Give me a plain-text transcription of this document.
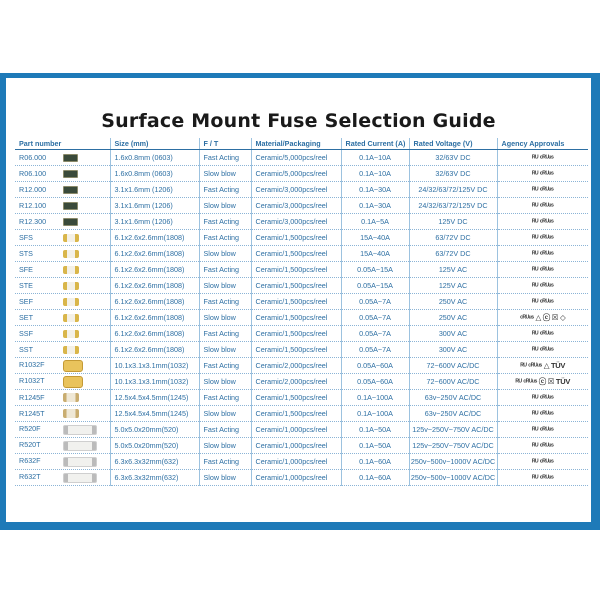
Surface Mount Fuse Selection Guide
Part number	Size (mm)	F / T	Material/Packaging	Rated Current (A)	Rated Voltage (V)	Agency Approvals
R06.000	1.6x0.8mm (0603)	Fast Acting	Ceramic/5,000pcs/reel	0.1A~10A	32/63V DC	ᴿᵁ ᶜᴿᵁᵘˢ
R06.100	1.6x0.8mm (0603)	Slow blow	Ceramic/5,000pcs/reel	0.1A~10A	32/63V DC	ᴿᵁ ᶜᴿᵁᵘˢ
R12.000	3.1x1.6mm (1206)	Fast Acting	Ceramic/3,000pcs/reel	0.1A~30A	24/32/63/72/125V DC	ᴿᵁ ᶜᴿᵁᵘˢ
R12.100	3.1x1.6mm (1206)	Slow blow	Ceramic/3,000pcs/reel	0.1A~30A	24/32/63/72/125V DC	ᴿᵁ ᶜᴿᵁᵘˢ
R12.300	3.1x1.6mm (1206)	Fast Acting	Ceramic/3,000pcs/reel	0.1A~5A	125V DC	ᴿᵁ ᶜᴿᵁᵘˢ
SFS	6.1x2.6x2.6mm(1808)	Fast Acting	Ceramic/1,500pcs/reel	15A~40A	63/72V DC	ᴿᵁ ᶜᴿᵁᵘˢ
STS	6.1x2.6x2.6mm(1808)	Slow blow	Ceramic/1,500pcs/reel	15A~40A	63/72V DC	ᴿᵁ ᶜᴿᵁᵘˢ
SFE	6.1x2.6x2.6mm(1808)	Fast Acting	Ceramic/1,500pcs/reel	0.05A~15A	125V AC	ᴿᵁ ᶜᴿᵁᵘˢ
STE	6.1x2.6x2.6mm(1808)	Slow blow	Ceramic/1,500pcs/reel	0.05A~15A	125V AC	ᴿᵁ ᶜᴿᵁᵘˢ
SEF	6.1x2.6x2.6mm(1808)	Fast Acting	Ceramic/1,500pcs/reel	0.05A~7A	250V AC	ᴿᵁ ᶜᴿᵁᵘˢ
SET	6.1x2.6x2.6mm(1808)	Slow blow	Ceramic/1,500pcs/reel	0.05A~7A	250V AC	ᶜᴿᵁᵘˢ △ ⓒ ☒ ◇
SSF	6.1x2.6x2.6mm(1808)	Fast Acting	Ceramic/1,500pcs/reel	0.05A~7A	300V AC	ᴿᵁ ᶜᴿᵁᵘˢ
SST	6.1x2.6x2.6mm(1808)	Slow blow	Ceramic/1,500pcs/reel	0.05A~7A	300V AC	ᴿᵁ ᶜᴿᵁᵘˢ
R1032F	10.1x3.1x3.1mm(1032)	Fast Acting	Ceramic/2,000pcs/reel	0.05A~60A	72~600V AC/DC	ᴿᵁ ᶜᴿᵁᵘˢ △ TÜV
R1032T	10.1x3.1x3.1mm(1032)	Slow blow	Ceramic/2,000pcs/reel	0.05A~60A	72~600V AC/DC	ᴿᵁ ᶜᴿᵁᵘˢ ⓒ ☒ TÜV
R1245F	12.5x4.5x4.5mm(1245)	Fast Acting	Ceramic/1,500pcs/reel	0.1A~100A	63v~250V AC/DC	ᴿᵁ ᶜᴿᵁᵘˢ
R1245T	12.5x4.5x4.5mm(1245)	Slow blow	Ceramic/1,500pcs/reel	0.1A~100A	63v~250V AC/DC	ᴿᵁ ᶜᴿᵁᵘˢ
R520F	5.0x5.0x20mm(520)	Fast Acting	Ceramic/1,000pcs/reel	0.1A~50A	125v~250V~750V AC/DC	ᴿᵁ ᶜᴿᵁᵘˢ
R520T	5.0x5.0x20mm(520)	Slow blow	Ceramic/1,000pcs/reel	0.1A~50A	125v~250V~750V AC/DC	ᴿᵁ ᶜᴿᵁᵘˢ
R632F	6.3x6.3x32mm(632)	Fast Acting	Ceramic/1,000pcs/reel	0.1A~60A	250v~500v~1000V AC/DC	ᴿᵁ ᶜᴿᵁᵘˢ
R632T	6.3x6.3x32mm(632)	Slow blow	Ceramic/1,000pcs/reel	0.1A~60A	250v~500v~1000V AC/DC	ᴿᵁ ᶜᴿᵁᵘˢ
